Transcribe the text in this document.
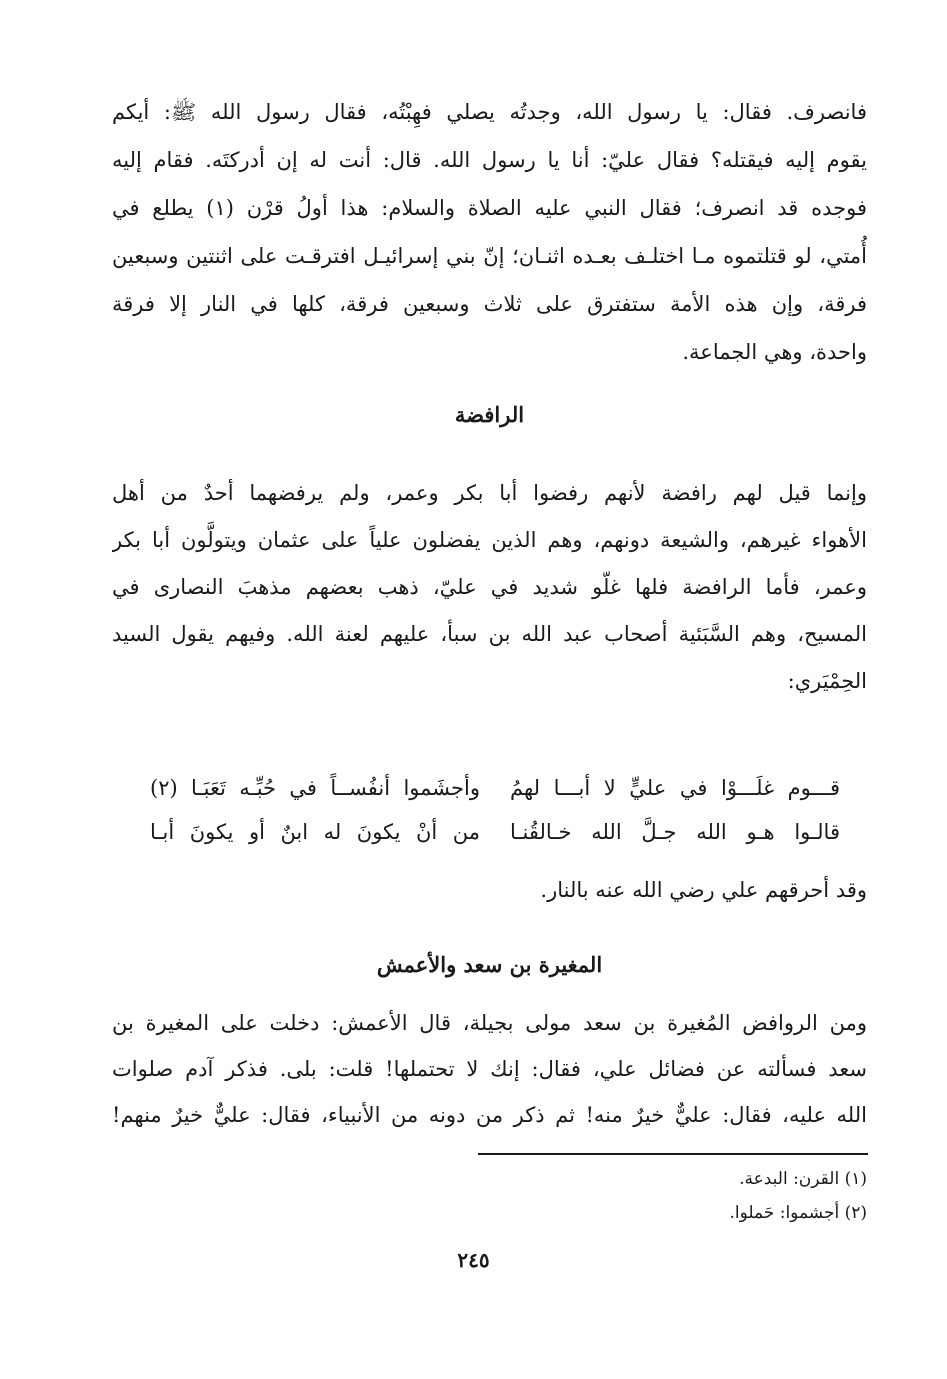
فانصرف. فقال: يا رسول الله، وجدتُه يصلي فهِبْتُه، فقال رسول الله ﷺ: أيكم
يقوم إليه فيقتله؟ فقال عليّ: أنا يا رسول الله. قال: أنت له إن أدركتَه. فقام إليه
فوجده قد انصرف؛ فقال النبي عليه الصلاة والسلام: هذا أولُ قرْن (١) يطلع في
أُمتي، لو قتلتموه مـا اختلـف بعـده اثنـان؛ إنّ بني إسرائيـل افترقـت على اثنتين وسبعين
فرقة، وإن هذه الأمة ستفترق على ثلاث وسبعين فرقة، كلها في النار إلا فرقة
واحدة، وهي الجماعة.
الرافضة
وإنما قيل لهم رافضة لأنهم رفضوا أبا بكر وعمر، ولم يرفضهما أحدٌ من أهل
الأهواء غيرهم، والشيعة دونهم، وهم الذين يفضلون علياً على عثمان ويتولَّون أبا بكر
وعمر، فأما الرافضة فلها غلّو شديد في عليّ، ذهب بعضهم مذهبَ النصارى في
المسيح، وهم السَّبَئية أصحاب عبد الله بن سبأ، عليهم لعنة الله. وفيهم يقول السيد
الحِمْيَري:
قـــوم غلَـــوْا في عليٍّ لا أبـــا لهمُ
وأجشَموا أنفُســاً في حُبِّـه تَعَبَـا (٢)
قالـوا هـو الله جـلَّ الله خـالقُنـا
من أنْ يكونَ له ابنٌ أو يكونَ أبـا
وقد أحرقهم علي رضي الله عنه بالنار.
المغيرة بن سعد والأعمش
ومن الروافض المُغيرة بن سعد مولى بجيلة، قال الأعمش: دخلت على المغيرة بن
سعد فسألته عن فضائل علي، فقال: إنك لا تحتملها! قلت: بلى. فذكر آدم صلوات
الله عليه، فقال: عليٌّ خيرٌ منه! ثم ذكر من دونه من الأنبياء، فقال: عليٌّ خيرٌ منهم!
(١) القرن: البدعة.
(٢) أجشموا: حَملوا.
٢٤٥
